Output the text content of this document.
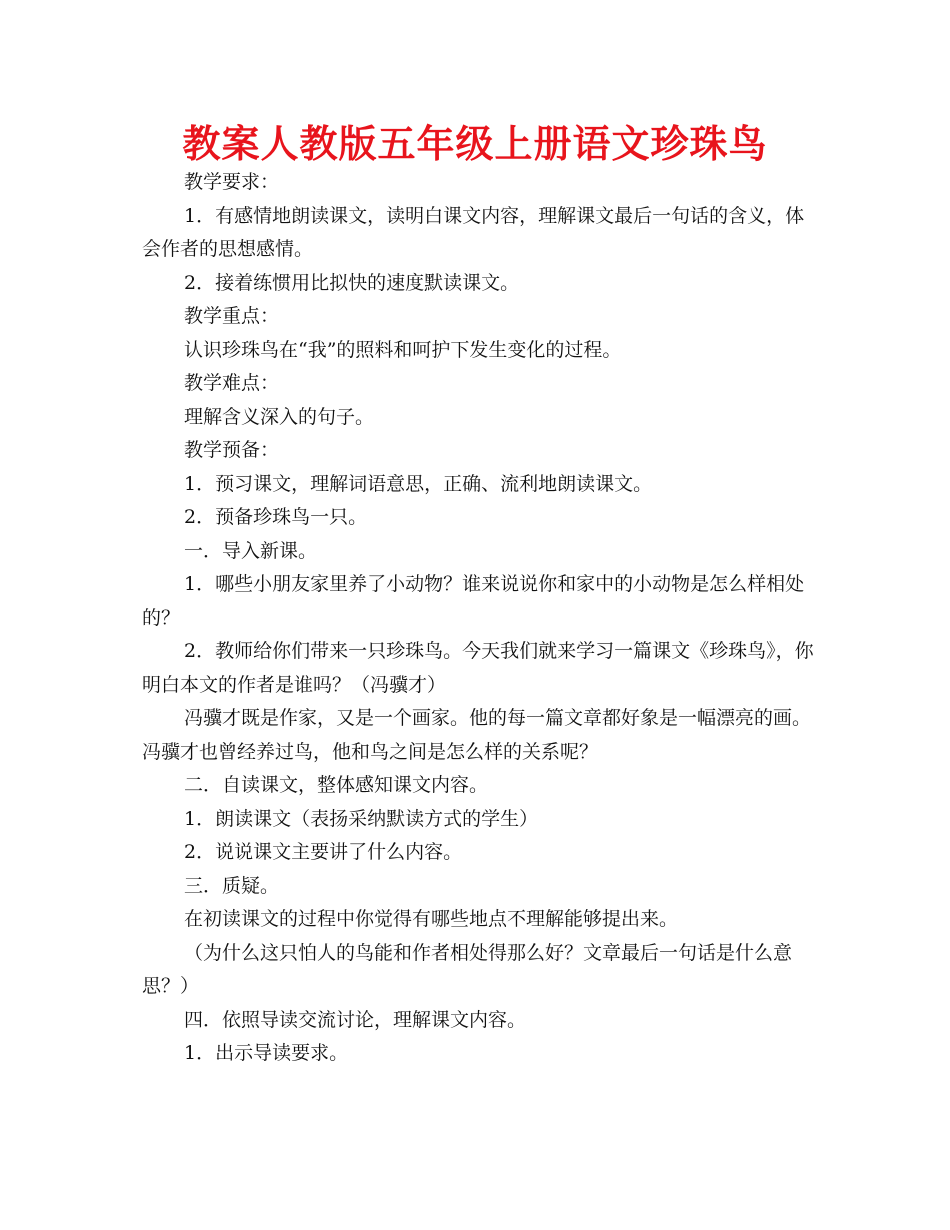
教案人教版五年级上册语文珍珠鸟

教学要求：

1．有感情地朗读课文，读明白课文内容，理解课文最后一句话的含义，体会作者的思想感情。

2．接着练惯用比拟快的速度默读课文。

教学重点：

认识珍珠鸟在“我”的照料和呵护下发生变化的过程。

教学难点：

理解含义深入的句子。

教学预备：

1．预习课文，理解词语意思，正确、流利地朗读课文。

2．预备珍珠鸟一只。

一．导入新课。

1．哪些小朋友家里养了小动物？谁来说说你和家中的小动物是怎么样相处的？

2．教师给你们带来一只珍珠鸟。今天我们就来学习一篇课文《珍珠鸟》，你明白本文的作者是谁吗？（冯骥才）

冯骥才既是作家，又是一个画家。他的每一篇文章都好象是一幅漂亮的画。冯骥才也曾经养过鸟，他和鸟之间是怎么样的关系呢？

二．自读课文，整体感知课文内容。

1．朗读课文（表扬采纳默读方式的学生）

2．说说课文主要讲了什么内容。

三．质疑。

在初读课文的过程中你觉得有哪些地点不理解能够提出来。

（为什么这只怕人的鸟能和作者相处得那么好？文章最后一句话是什么意思？）

四．依照导读交流讨论，理解课文内容。

1．出示导读要求。
